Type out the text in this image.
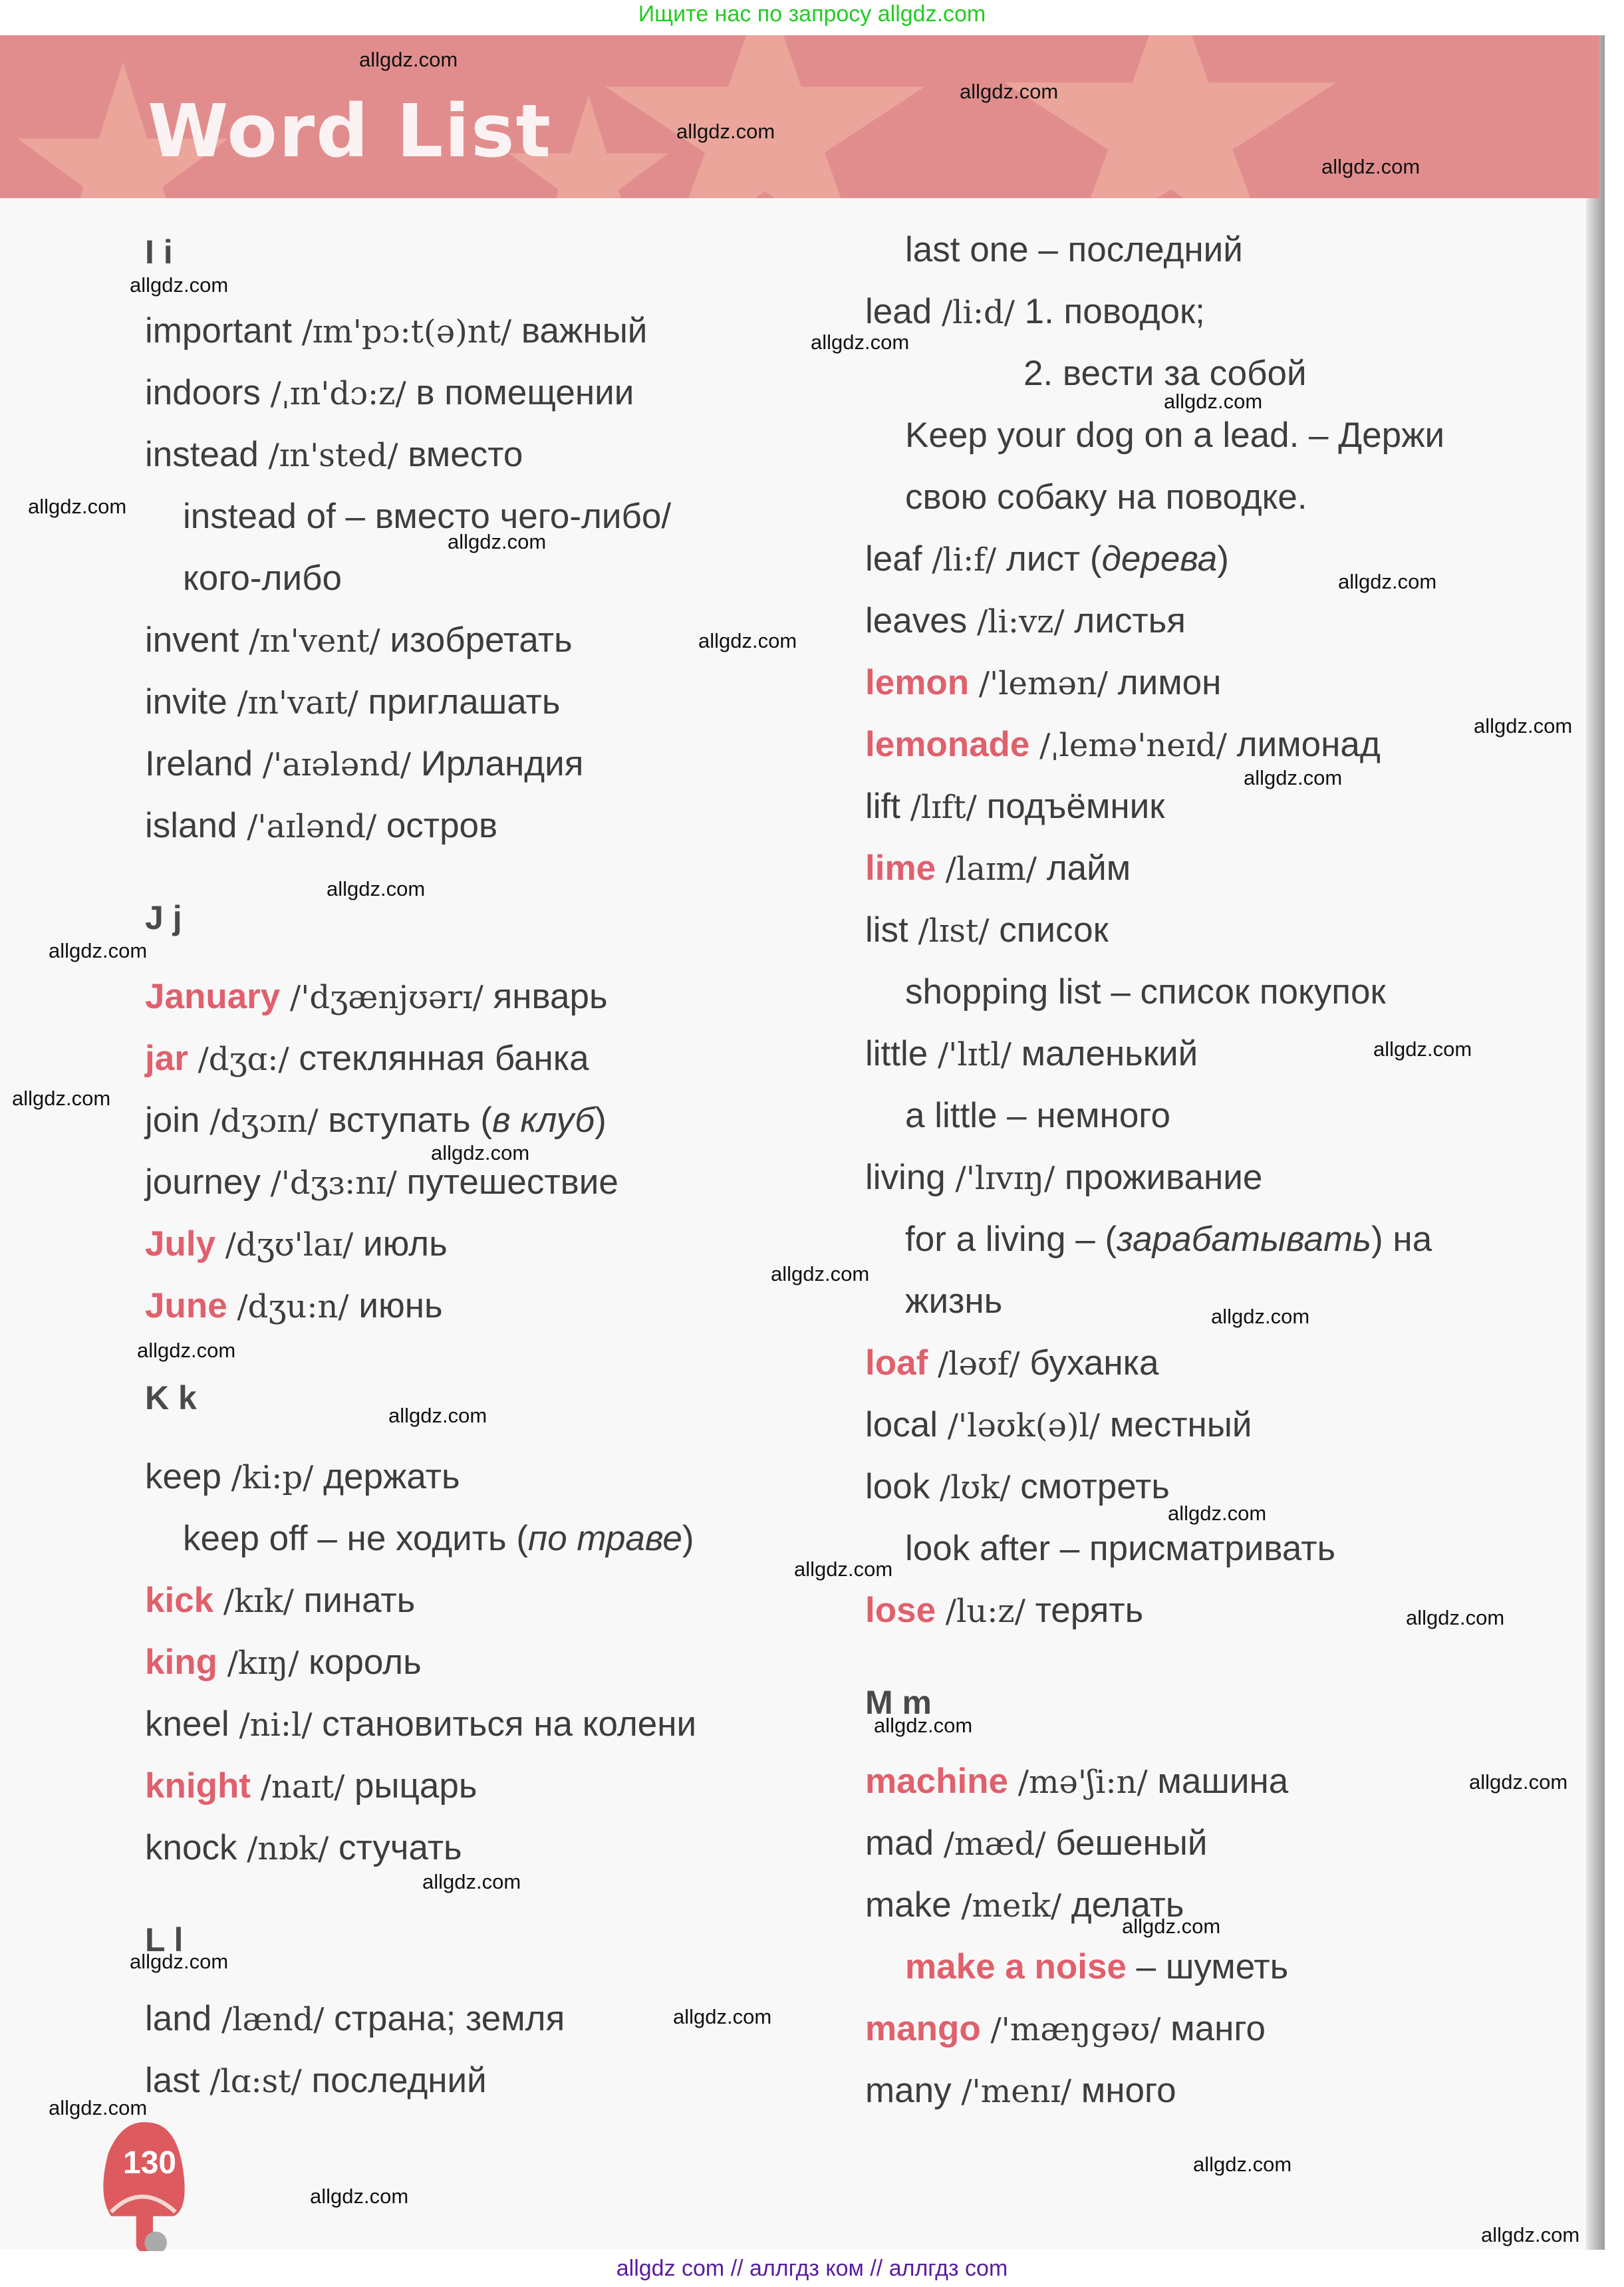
Ищите нас по запросу allgdz.com
Word List
I i
important /ɪm'pɔ:t(ə)nt/ важный
indoors /ˌɪn'dɔ:z/ в помещении
instead /ɪn'sted/ вместо
instead of – вместо чего-либо/
кого-либо
invent /ɪn'vent/ изобретать
invite /ɪn'vaɪt/ приглашать
Ireland /'aɪələnd/ Ирландия
island /'aɪlənd/ остров
J j
January /'dʒænjʊərɪ/ январь
jar /dʒɑ:/ стеклянная банка
join /dʒɔɪn/ вступать (в клуб)
journey /'dʒɜ:nɪ/ путешествие
July /dʒʊ'laɪ/ июль
June /dʒu:n/ июнь
K k
keep /ki:p/ держать
keep off – не ходить (по траве)
kick /kɪk/ пинать
king /kɪŋ/ король
kneel /ni:l/ становиться на колени
knight /naɪt/ рыцарь
knock /nɒk/ стучать
L l
land /lænd/ страна; земля
last /lɑ:st/ последний
last one – последний
lead /li:d/ 1. поводок;
2. вести за собой
Keep your dog on a lead. – Держи
свою собаку на поводке.
leaf /li:f/ лист (дерева)
leaves /li:vz/ листья
lemon /'lemən/ лимон
lemonade /ˌlemə'neɪd/ лимонад
lift /lɪft/ подъёмник
lime /laɪm/ лайм
list /lɪst/ список
shopping list – список покупок
little /'lɪtl/ маленький
a little – немного
living /'lɪvɪŋ/ проживание
for a living – (зарабатывать) на
жизнь
loaf /ləʊf/ буханка
local /'ləʊk(ə)l/ местный
look /lʊk/ смотреть
look after – присматривать
lose /lu:z/ терять
M m
machine /mə'ʃi:n/ машина
mad /mæd/ бешеный
make /meɪk/ делать
make a noise – шуметь
mango /'mæŋgəʊ/ манго
many /'menɪ/ много
130
allgdz.com
allgdz.com
allgdz.com
allgdz.com
allgdz.com
allgdz.com
allgdz.com
allgdz.com
allgdz.com
allgdz.com
allgdz.com
allgdz.com
allgdz.com
allgdz.com
allgdz.com
allgdz.com
allgdz.com
allgdz.com
allgdz.com
allgdz.com
allgdz.com
allgdz.com
allgdz.com
allgdz.com
allgdz.com
allgdz.com
allgdz.com
allgdz.com
allgdz.com
allgdz.com
allgdz.com
allgdz.com
allgdz.com
allgdz.com
allgdz.com
allgdz com // аллгдз ком // аллгдз com
